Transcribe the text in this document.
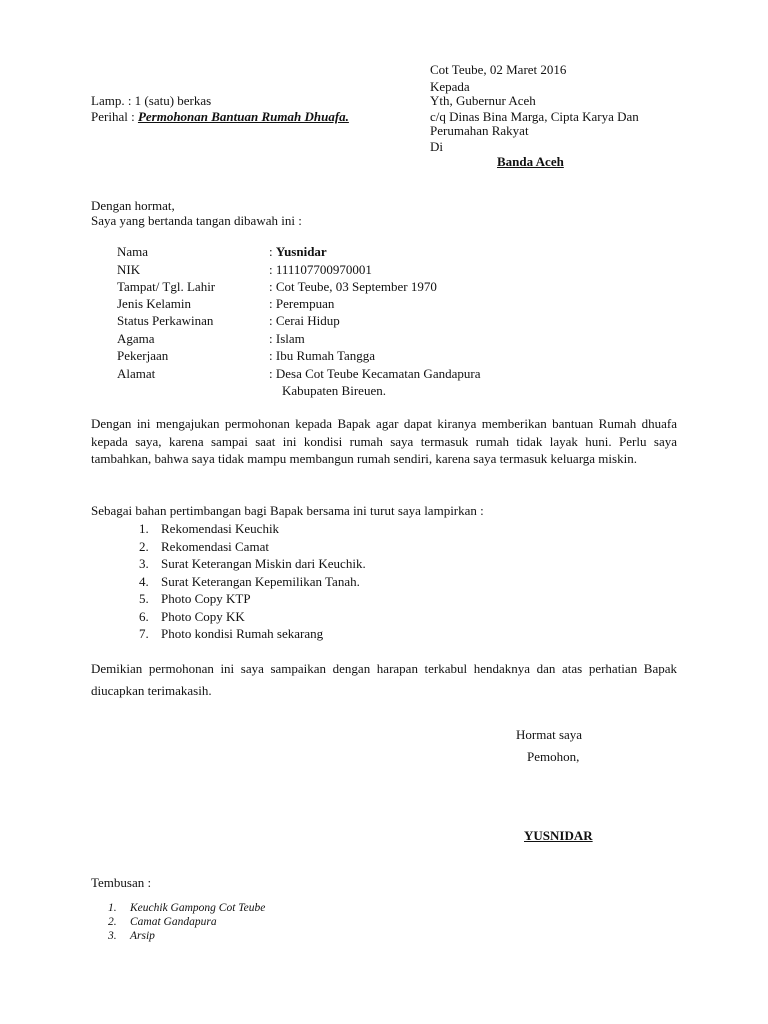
Cot Teube, 02 Maret 2016
Kepada
Yth, Gubernur Aceh
c/q Dinas Bina Marga, Cipta Karya Dan
Perumahan Rakyat
Di
Banda Aceh
Lamp. : 1 (satu) berkas
Perihal : Permohonan Bantuan Rumah Dhuafa.
Dengan hormat,
Saya yang bertanda tangan dibawah ini :
Nama	: Yusnidar
NIK	: 111107700970001
Tampat/ Tgl. Lahir	: Cot Teube, 03 September 1970
Jenis Kelamin	: Perempuan
Status Perkawinan	: Cerai Hidup
Agama	: Islam
Pekerjaan	: Ibu Rumah Tangga
Alamat	: Desa Cot Teube Kecamatan Gandapura
Kabupaten Bireuen.
Dengan ini mengajukan permohonan kepada Bapak agar dapat kiranya memberikan bantuan Rumah dhuafa kepada saya, karena sampai saat ini kondisi rumah saya termasuk rumah tidak layak huni. Perlu saya tambahkan, bahwa saya tidak mampu membangun rumah sendiri, karena saya termasuk keluarga miskin.
Sebagai bahan pertimbangan bagi Bapak bersama ini turut saya lampirkan :
1. Rekomendasi Keuchik
2. Rekomendasi Camat
3. Surat Keterangan Miskin dari Keuchik.
4. Surat Keterangan Kepemilikan Tanah.
5. Photo Copy KTP
6. Photo Copy KK
7. Photo kondisi Rumah sekarang
Demikian permohonan ini saya sampaikan dengan harapan terkabul hendaknya dan atas perhatian Bapak diucapkan terimakasih.
Hormat saya
Pemohon,
YUSNIDAR
Tembusan :
1. Keuchik Gampong Cot Teube
2. Camat Gandapura
3. Arsip
